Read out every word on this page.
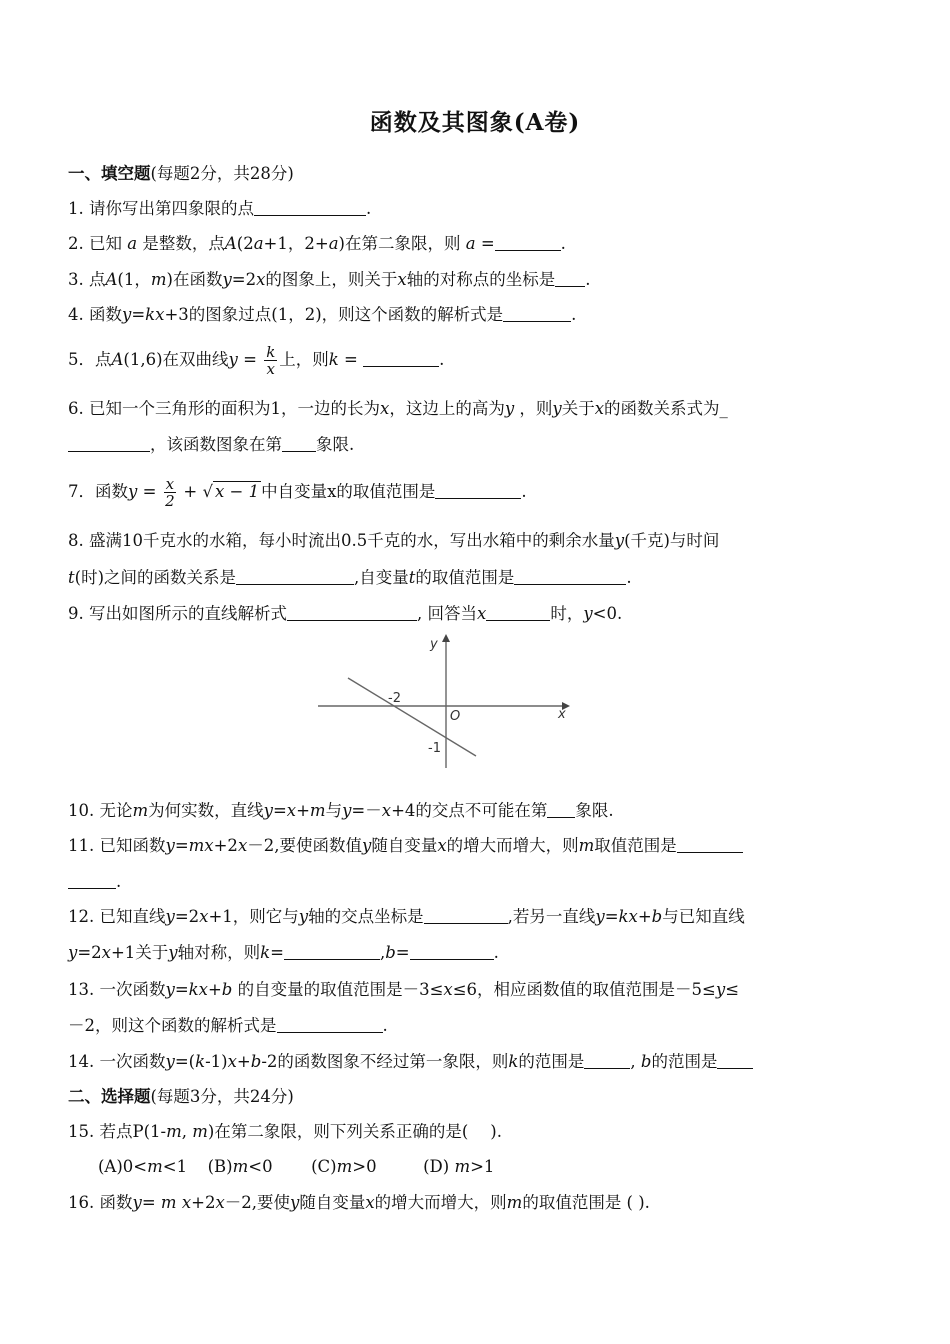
函数及其图象(A卷)
一、填空题(每题2分，共28分)
1. 请你写出第四象限的点	.
2. 已知 a 是整数，点A(2a+1，2+a)在第二象限，则 a =	.
3. 点A(1，m)在函数y=2x的图象上，则关于x轴的对称点的坐标是 .
4. 函数y=kx+3的图象过点(1，2)，则这个函数的解析式是	.
5．点A(1,6)在双曲线$y = \frac{k}{x}$ 上，则k =	.
6. 已知一个三角形的面积为1，一边的长为x，这边上的高为y ，则y关于x的函数关系式为_
，该函数图象在第 象限.
7．函数$y = \frac{x}{2}$ + √ x − 1 中自变量x的取值范围是	.
8. 盛满10千克水的水箱，每小时流出0.5千克的水，写出水箱中的剩余水量y(千克)与时间
t(时)之间的函数关系是	,自变量t的取值范围是	.
9. 写出如图所示的直线解析式	, 回答当x	时，y<0.
y
x
O
-2
-1
10. 无论m为何实数，直线y=x+m与y=－x+4的交点不可能在第 象限.
11. 已知函数y=mx+2x－2,要使函数值y随自变量x的增大而增大，则m取值范围是
.
12. 已知直线y=2x+1，则它与y轴的交点坐标是	,若另一直线y=kx+b与已知直线
y=2x+1关于y轴对称，则k=	,b=	.
13. 一次函数y=kx+b 的自变量的取值范围是－3≤x≤6，相应函数值的取值范围是－5≤y≤
－2，则这个函数的解析式是	.
14. 一次函数y=(k-1)x+b-2的函数图象不经过第一象限，则k的范围是	, b的范围是
二、选择题(每题3分，共24分)
15. 若点P(1-m, m)在第二象限，则下列关系正确的是( ).
(A)0<m<1 (B)m<0 (C)m>0	(D) m>1
16. 函数y= m x+2x－2,要使y随自变量x的增大而增大，则m的取值范围是 ( ).
